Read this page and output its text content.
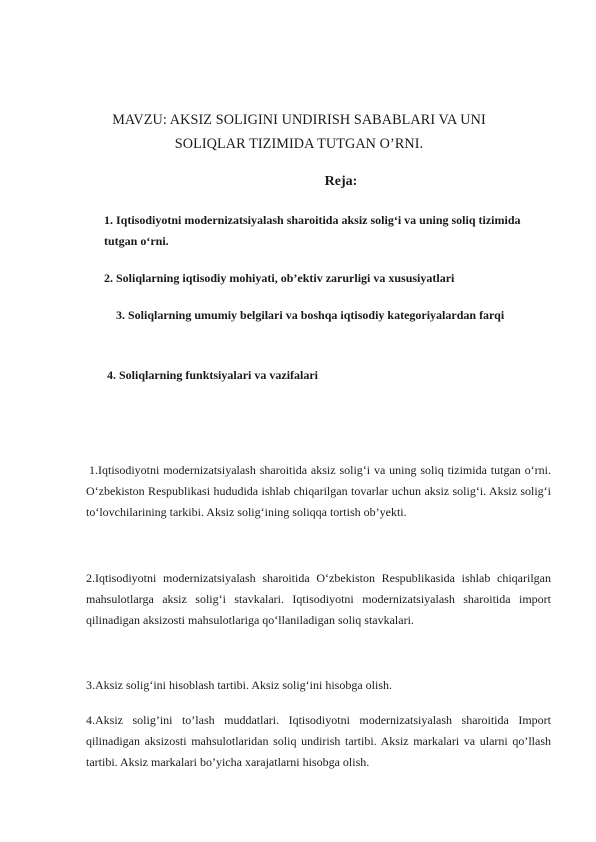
MAVZU: AKSIZ SOLIGINI UNDIRISH SABABLARI VA UNI SOLIQLAR TIZIMIDA TUTGAN O’RNI.
Reja:
1. Iqtisodiyotni modernizatsiyalash sharoitida aksiz solig‘i va uning soliq tizimida tutgan o‘rni.
2. Soliqlarning iqtisodiy mohiyati, ob’ektiv zarurligi va xususiyatlari
3. Soliqlarning umumiy belgilari va boshqa iqtisodiy kategoriyalardan farqi
4. Soliqlarning funktsiyalari va vazifalari
1.Iqtisodiyotni modernizatsiyalash sharoitida aksiz solig‘i va uning soliq tizimida tutgan o‘rni. O‘zbekiston Respublikasi hududida ishlab chiqarilgan tovarlar uchun aksiz solig‘i. Aksiz solig‘i to‘lovchilarining tarkibi. Aksiz solig‘ining soliqqa tortish ob’yekti.
2.Iqtisodiyotni modernizatsiyalash sharoitida O‘zbekiston Respublikasida ishlab chiqarilgan mahsulotlarga aksiz solig‘i stavkalari. Iqtisodiyotni modernizatsiyalash sharoitida import qilinadigan aksizosti mahsulotlariga qo‘llaniladigan soliq stavkalari.
3.Aksiz solig‘ini hisoblash tartibi. Aksiz solig‘ini hisobga olish.
4.Aksiz solig’ini to’lash muddatlari. Iqtisodiyotni modernizatsiyalash sharoitida Import qilinadigan aksizosti mahsulotlaridan soliq undirish tartibi. Aksiz markalari va ularni qo’llash tartibi. Aksiz markalari bo’yicha xarajatlarni hisobga olish.
